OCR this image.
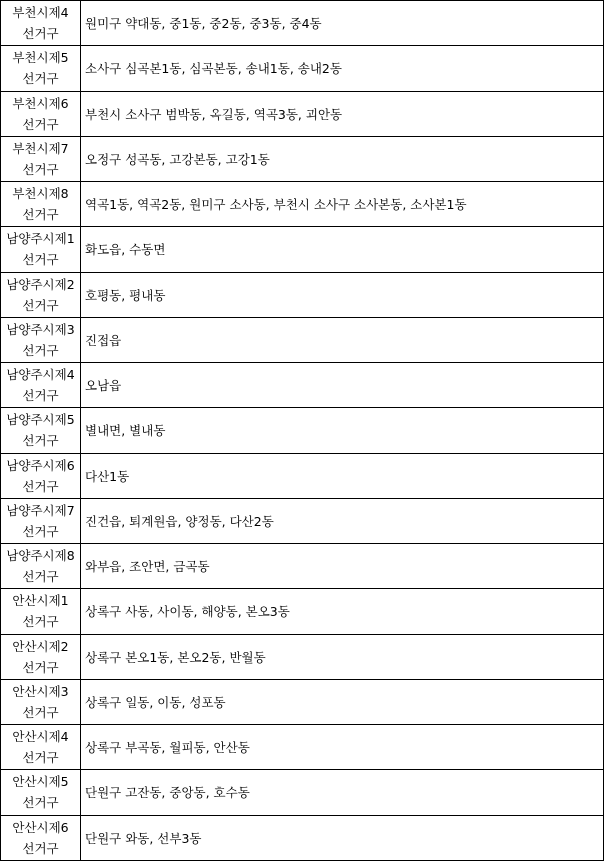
부천시제4
선거구	원미구 약대동, 중1동, 중2동, 중3동, 중4동

부천시제5
선거구	소사구 심곡본1동, 심곡본동, 송내1동, 송내2동

부천시제6
선거구	부천시 소사구 범박동, 옥길동, 역곡3동, 괴안동

부천시제7
선거구	오정구 성곡동, 고강본동, 고강1동

부천시제8
선거구	역곡1동, 역곡2동, 원미구 소사동, 부천시 소사구 소사본동, 소사본1동

남양주시제1
선거구	화도읍, 수동면

남양주시제2
선거구	호평동, 평내동

남양주시제3
선거구	진접읍

남양주시제4
선거구	오남읍

남양주시제5
선거구	별내면, 별내동

남양주시제6
선거구	다산1동

남양주시제7
선거구	진건읍, 퇴계원읍, 양정동, 다산2동

남양주시제8
선거구	와부읍, 조안면, 금곡동

안산시제1
선거구	상록구 사동, 사이동, 해양동, 본오3동

안산시제2
선거구	상록구 본오1동, 본오2동, 반월동

안산시제3
선거구	상록구 일동, 이동, 성포동

안산시제4
선거구	상록구 부곡동, 월피동, 안산동

안산시제5
선거구	단원구 고잔동, 중앙동, 호수동

안산시제6
선거구	단원구 와동, 선부3동
